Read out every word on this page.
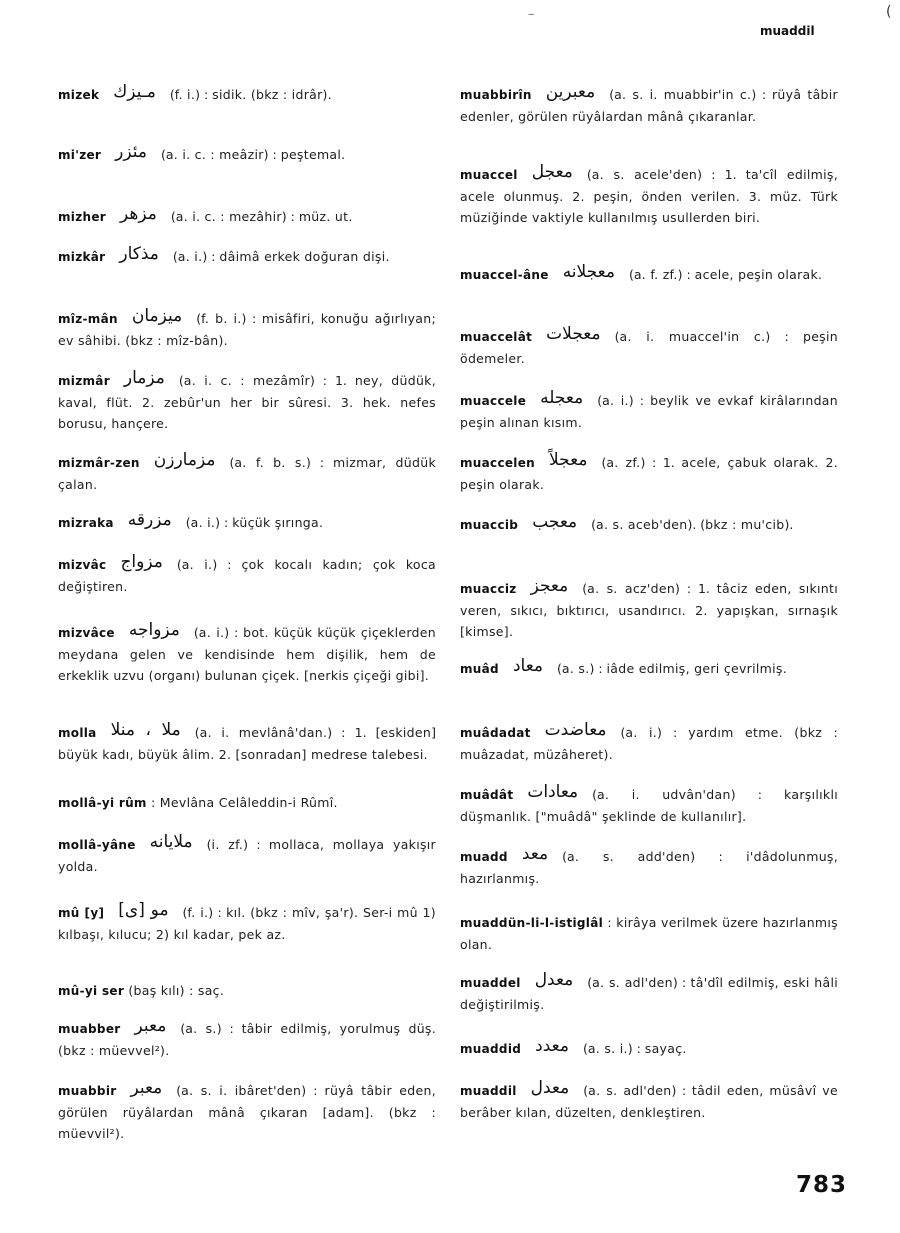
(
‒
muaddil
mizek مـيزك (f. i.) : sidik. (bkz : idrâr).
mi'zer مئزر (a. i. c. : meâzir) : peştemal.
mizher مزهر (a. i. c. : mezâhir) : müz. ut.
mizkâr مذكار (a. i.) : dâimâ erkek doğuran dişi.
mîz-mân ميزمان (f. b. i.) : misâfiri, konuğu ağırlıyan; ev sâhibi. (bkz : mîz-bân).
mizmâr مزمار (a. i. c. : mezâmîr) : 1. ney, düdük, kaval, flüt. 2. zebûr'un her bir sûresi. 3. hek. nefes borusu, hançere.
mizmâr-zen مزمارزن (a. f. b. s.) : mizmar, düdük çalan.
mizraka مزرقه (a. i.) : küçük şırınga.
mizvâc مزواج (a. i.) : çok kocalı kadın; çok koca değiştiren.
mizvâce مزواجه (a. i.) : bot. küçük küçük çiçeklerden meydana gelen ve kendisinde hem dişilik, hem de erkeklik uzvu (organı) bulunan çiçek. [nerkis çiçeği gibi].
molla ملا ، منلا (a. i. mevlânâ'dan.) : 1. [eskiden] büyük kadı, büyük âlim. 2. [sonradan] medrese talebesi.
mollâ-yi rûm : Mevlâna Celâleddin-i Rûmî.
mollâ-yâne ملايانه (i. zf.) : mollaca, mollaya yakışır yolda.
mû [y] مو [ى] (f. i.) : kıl. (bkz : mîv, şa'r). Ser-i mû 1) kılbaşı, kılucu; 2) kıl kadar, pek az.
mû-yi ser (baş kılı) : saç.
muabber معبر (a. s.) : tâbir edilmiş, yorulmuş düş. (bkz : müevvel²).
muabbir معبر (a. s. i. ibâret'den) : rüyâ tâbir eden, görülen rüyâlardan mânâ çıkaran [adam]. (bkz : müevvil²).
muabbirîn معبرين (a. s. i. muabbir'in c.) : rüyâ tâbir edenler, görülen rüyâlardan mânâ çıkaranlar.
muaccel معجل (a. s. acele'den) : 1. ta'cîl edilmiş, acele olunmuş. 2. peşin, önden verilen. 3. müz. Türk müziğinde vaktiyle kullanılmış usullerden biri.
muaccel-âne معجلانه (a. f. zf.) : acele, peşin olarak.
muaccelât معجلات (a. i. muaccel'in c.) : peşin ödemeler.
muaccele معجله (a. i.) : beylik ve evkaf kirâlarından peşin alınan kısım.
muaccelen معجلاً (a. zf.) : 1. acele, çabuk olarak. 2. peşin olarak.
muaccib معجب (a. s. aceb'den). (bkz : mu'cib).
muacciz معجز (a. s. acz'den) : 1. tâciz eden, sıkıntı veren, sıkıcı, bıktırıcı, usandırıcı. 2. yapışkan, sırnaşık [kimse].
muâd معاد (a. s.) : iâde edilmiş, geri çevrilmiş.
muâdadat معاضدت (a. i.) : yardım etme. (bkz : muâzadat, müzâheret).
muâdât معادات (a. i. udvân'dan) : karşılıklı düşmanlık. ["muâdâ" şeklinde de kullanılır].
muadd معد (a. s. add'den) : i'dâdolunmuş, hazırlanmış.
muaddün-li-l-istiglâl : kirâya verilmek üzere hazırlanmış olan.
muaddel معدل (a. s. adl'den) : tâ'dîl edilmiş, eski hâli değiştirilmiş.
muaddid معدد (a. s. i.) : sayaç.
muaddil معدل (a. s. adl'den) : tâdil eden, müsâvî ve berâber kılan, düzelten, denkleştiren.
783
